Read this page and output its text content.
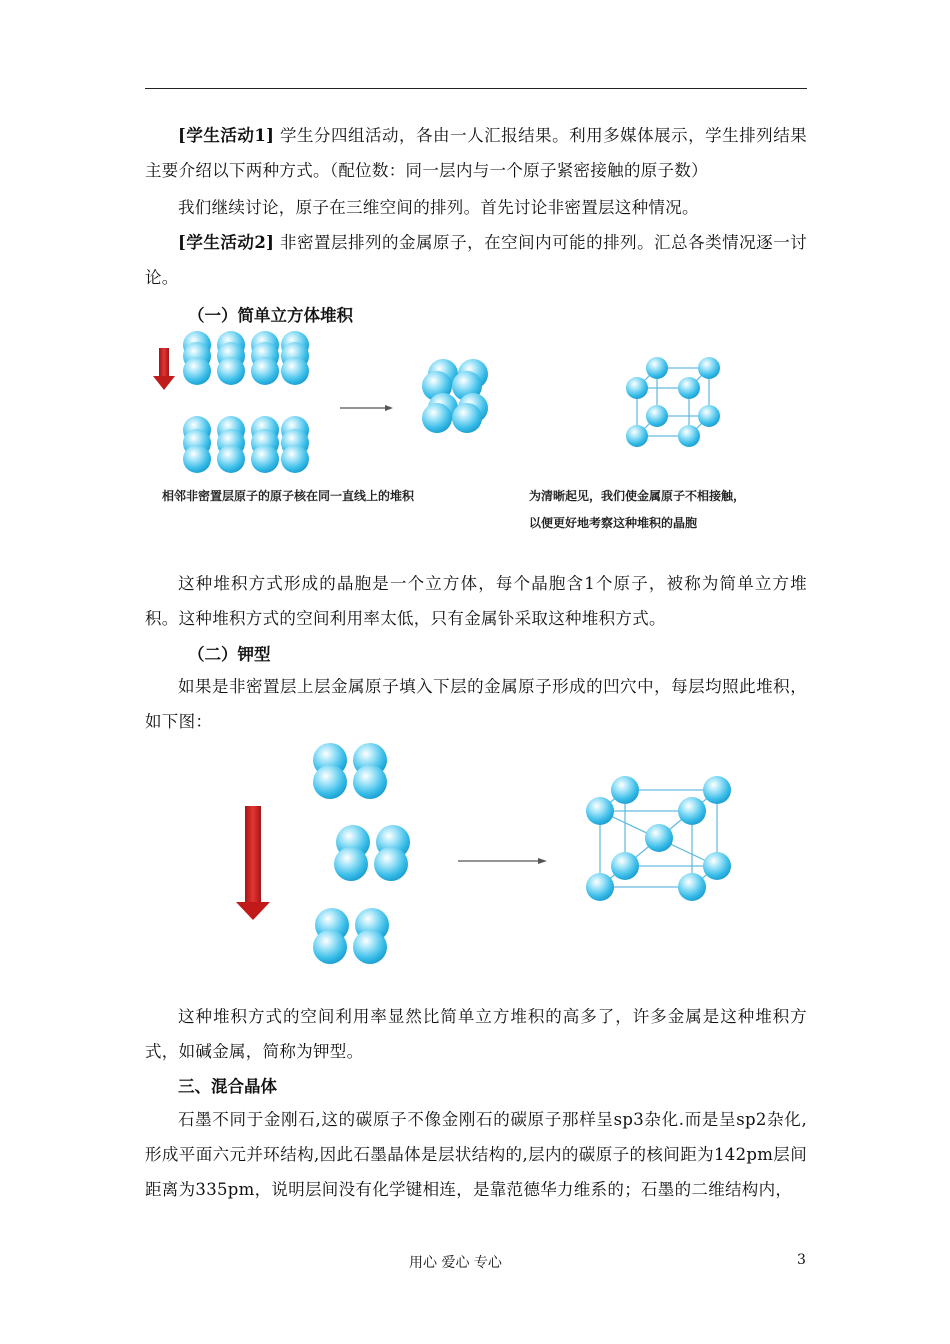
[学生活动1] 学生分四组活动，各由一人汇报结果。利用多媒体展示，学生排列结果主要介绍以下两种方式。（配位数：同一层内与一个原子紧密接触的原子数）

我们继续讨论，原子在三维空间的排列。首先讨论非密置层这种情况。

[学生活动2] 非密置层排列的金属原子，在空间内可能的排列。汇总各类情况逐一讨论。

（一）简单立方体堆积
相邻非密置层原子的原子核在同一直线上的堆积	为清晰起见，我们使金属原子不相接触，
以便更好地考察这种堆积的晶胞

这种堆积方式形成的晶胞是一个立方体，每个晶胞含1个原子，被称为简单立方堆积。这种堆积方式的空间利用率太低，只有金属钋采取这种堆积方式。

（二）钾型

如果是非密置层上层金属原子填入下层的金属原子形成的凹穴中，每层均照此堆积，如下图：

这种堆积方式的空间利用率显然比简单立方堆积的高多了，许多金属是这种堆积方式，如碱金属，简称为钾型。

三、混合晶体

石墨不同于金刚石,这的碳原子不像金刚石的碳原子那样呈sp3杂化.而是呈sp2杂化,形成平面六元并环结构,因此石墨晶体是层状结构的,层内的碳原子的核间距为142pm层间距离为335pm，说明层间没有化学键相连，是靠范德华力维系的；石墨的二维结构内，

用心 爱心 专心	3
